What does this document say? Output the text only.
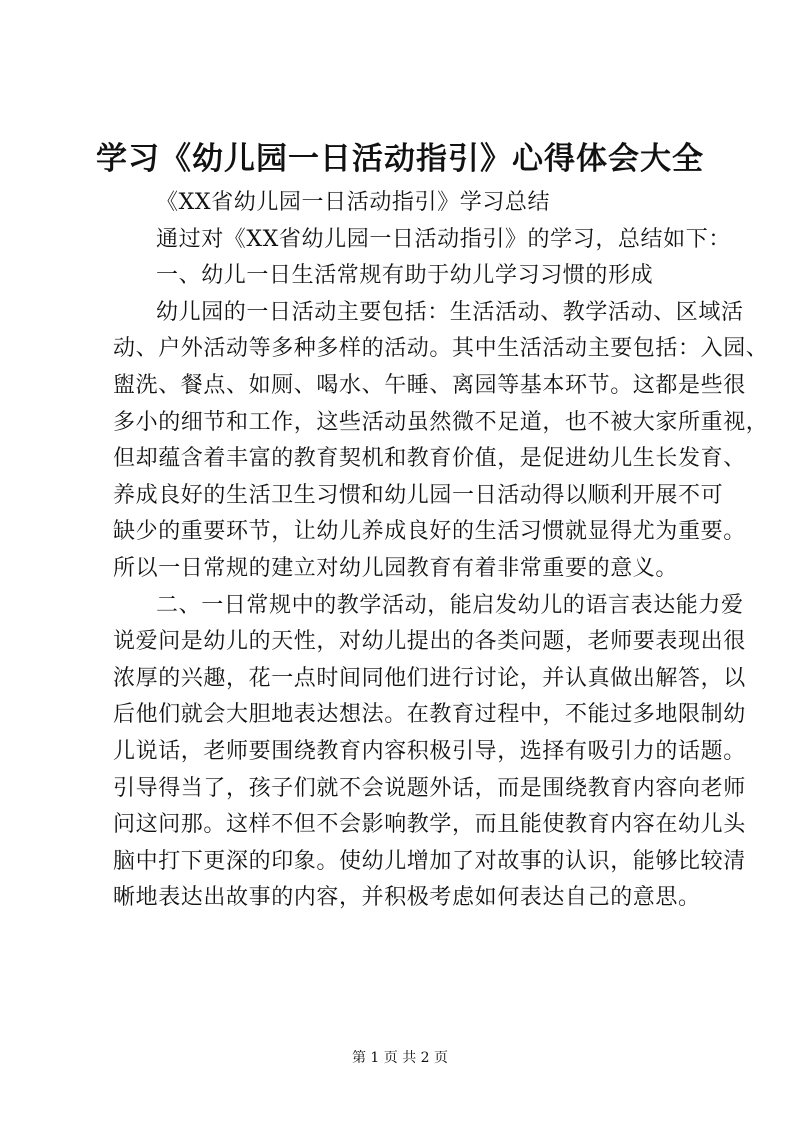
学习《幼儿园一日活动指引》心得体会大全

《XX省幼儿园一日活动指引》学习总结

通过对《XX省幼儿园一日活动指引》的学习，总结如下：

一、幼儿一日生活常规有助于幼儿学习习惯的形成

幼儿园的一日活动主要包括：生活活动、教学活动、区域活

动、户外活动等多种多样的活动。其中生活活动主要包括：入园、

盥洗、餐点、如厕、喝水、午睡、离园等基本环节。这都是些很

多小的细节和工作，这些活动虽然微不足道，也不被大家所重视，

但却蕴含着丰富的教育契机和教育价值，是促进幼儿生长发育、

养成良好的生活卫生习惯和幼儿园一日活动得以顺利开展不可

缺少的重要环节，让幼儿养成良好的生活习惯就显得尤为重要。

所以一日常规的建立对幼儿园教育有着非常重要的意义。

二、一日常规中的教学活动，能启发幼儿的语言表达能力爱

说爱问是幼儿的天性，对幼儿提出的各类问题，老师要表现出很

浓厚的兴趣，花一点时间同他们进行讨论，并认真做出解答，以

后他们就会大胆地表达想法。在教育过程中，不能过多地限制幼

儿说话，老师要围绕教育内容积极引导，选择有吸引力的话题。

引导得当了，孩子们就不会说题外话，而是围绕教育内容向老师

问这问那。这样不但不会影响教学，而且能使教育内容在幼儿头

脑中打下更深的印象。使幼儿增加了对故事的认识，能够比较清

晰地表达出故事的内容，并积极考虑如何表达自己的意思。

第 1 页 共 2 页
